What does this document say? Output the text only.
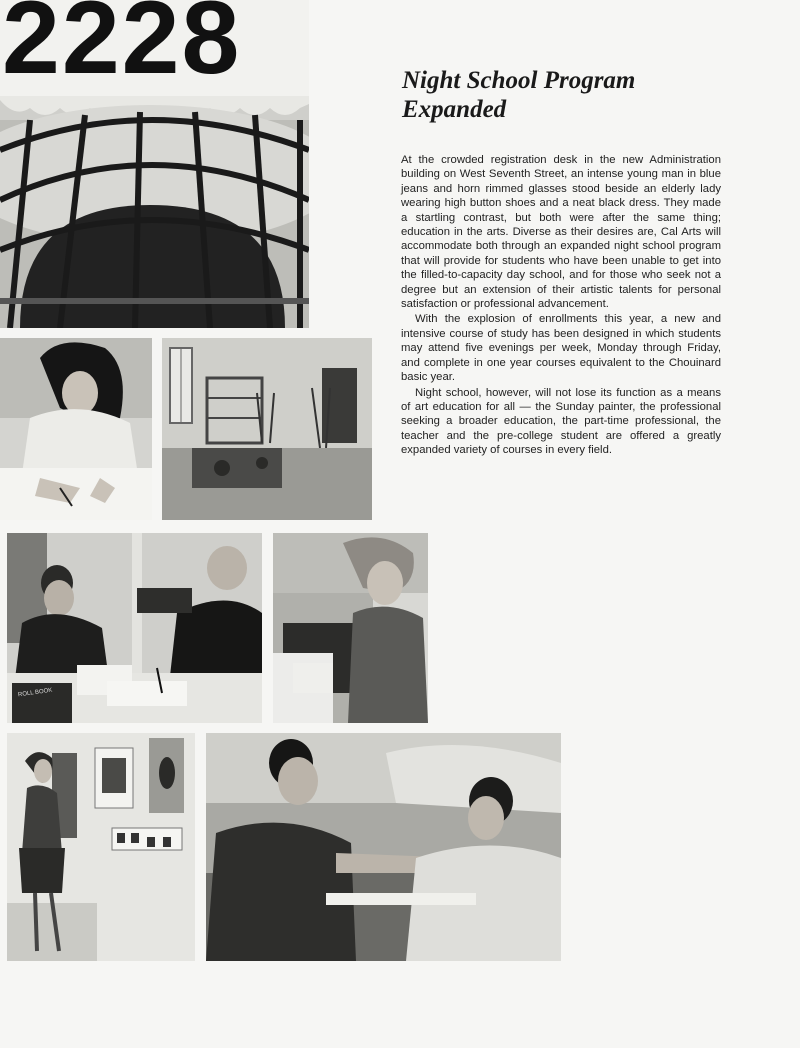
2228	Night School Program
Expanded

At the crowded registration desk in the new Administration building on West Seventh Street, an intense young man in blue jeans and horn rimmed glasses stood beside an elderly lady wearing high button shoes and a neat black dress. They made a startling contrast, but both were after the same thing; education in the arts. Diverse as their desires are, Cal Arts will accommodate both through an expanded night school program that will provide for students who have been unable to get into the filled-to-capacity day school, and for those who seek not a degree but an extension of their artistic talents for personal satisfaction or professional advancement.

With the explosion of enrollments this year, a new and intensive course of study has been designed in which students may attend five evenings per week, Monday through Friday, and complete in one year courses equivalent to the Chouinard basic year.

Night school, however, will not lose its function as a means of art education for all — the Sunday painter, the professional seeking a broader education, the part-time professional, the teacher and the pre-college student are offered a greatly expanded variety of courses in every field.

ROLL BOOK
